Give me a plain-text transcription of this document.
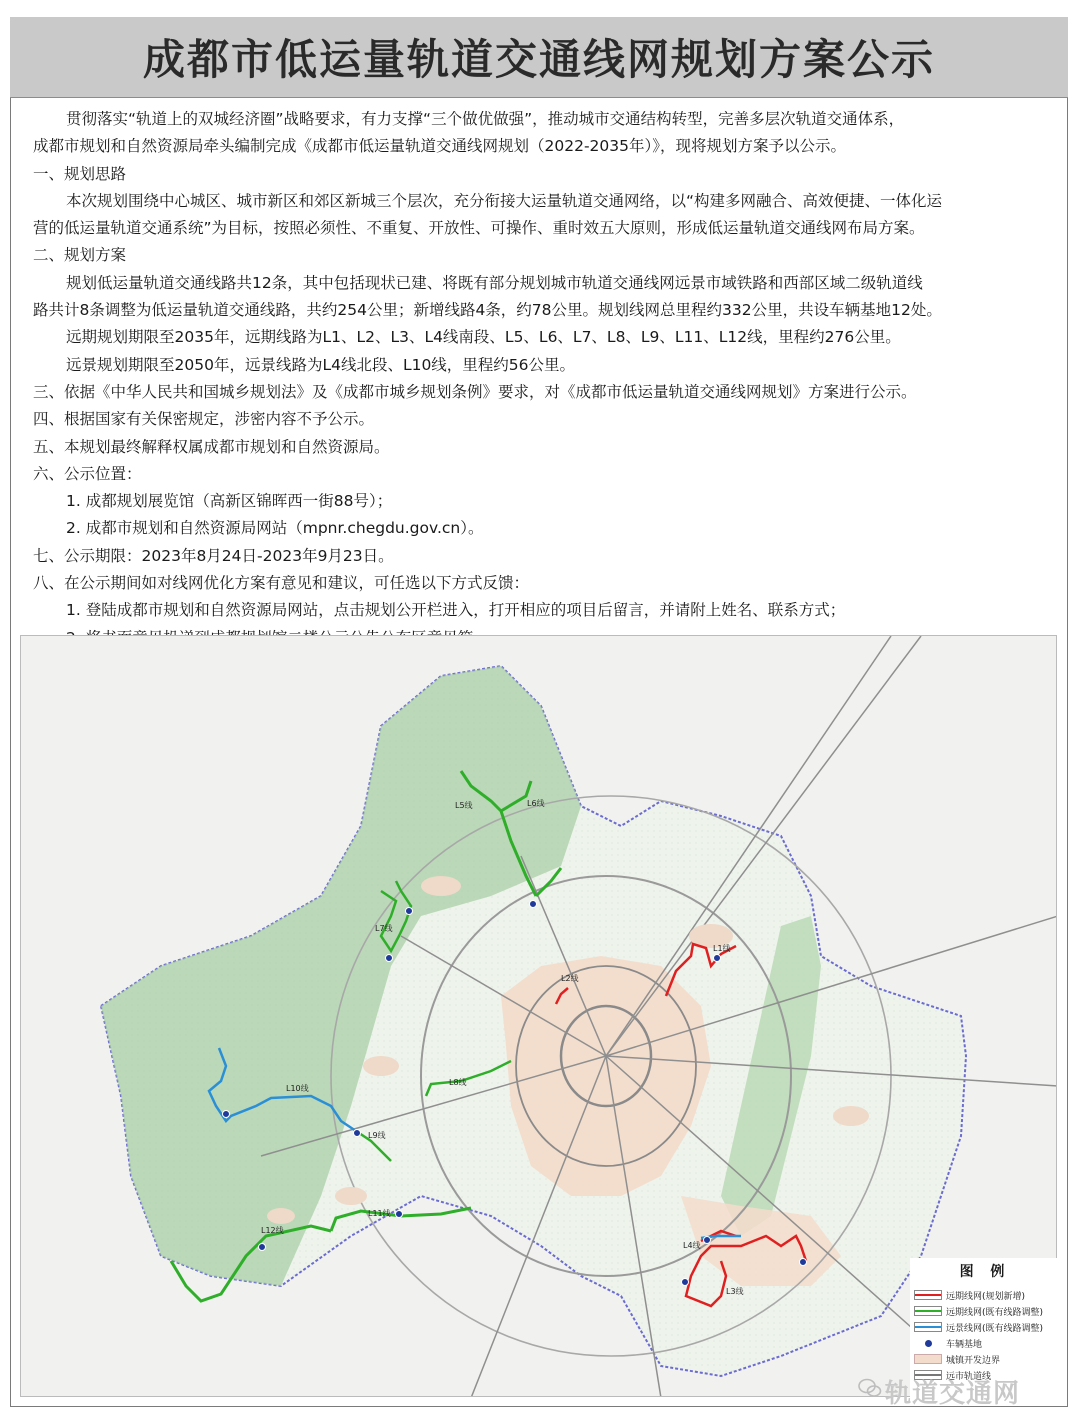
成都市低运量轨道交通线网规划方案公示

贯彻落实“轨道上的双城经济圈”战略要求，有力支撑“三个做优做强”，推动城市交通结构转型，完善多层次轨道交通体系，

成都市规划和自然资源局牵头编制完成《成都市低运量轨道交通线网规划（2022-2035年）》，现将规划方案予以公示。

一、规划思路

本次规划围绕中心城区、城市新区和郊区新城三个层次，充分衔接大运量轨道交通网络，以“构建多网融合、高效便捷、一体化运

营的低运量轨道交通系统”为目标，按照必须性、不重复、开放性、可操作、重时效五大原则，形成低运量轨道交通线网布局方案。

二、规划方案

规划低运量轨道交通线路共12条，其中包括现状已建、将既有部分规划城市轨道交通线网远景市域铁路和西部区域二级轨道线

路共计8条调整为低运量轨道交通线路，共约254公里；新增线路4条，约78公里。规划线网总里程约332公里，共设车辆基地12处。

远期规划期限至2035年，远期线路为L1、L2、L3、L4线南段、L5、L6、L7、L8、L9、L11、L12线，里程约276公里。

远景规划期限至2050年，远景线路为L4线北段、L10线，里程约56公里。

三、依据《中华人民共和国城乡规划法》及《成都市城乡规划条例》要求，对《成都市低运量轨道交通线网规划》方案进行公示。

四、根据国家有关保密规定，涉密内容不予公示。

五、本规划最终解释权属成都市规划和自然资源局。

六、公示位置：

1. 成都规划展览馆（高新区锦晖西一街88号）；

2. 成都市规划和自然资源局网站（mpnr.chegdu.gov.cn）。

七、公示期限：2023年8月24日-2023年9月23日。

八、在公示期间如对线网优化方案有意见和建议，可任选以下方式反馈：

1. 登陆成都市规划和自然资源局网站，点击规划公开栏进入，打开相应的项目后留言，并请附上姓名、联系方式；

L1线
L2线
L3线
L4线
L5线	L6线
L7线
L8线
L9线
L10线
L11线
L12线
图 例
远期线网(规划新增)
远期线网(既有线路调整)
远景线网(既有线路调整)
车辆基地
城镇开发边界
远市轨道线
轨道交通网
